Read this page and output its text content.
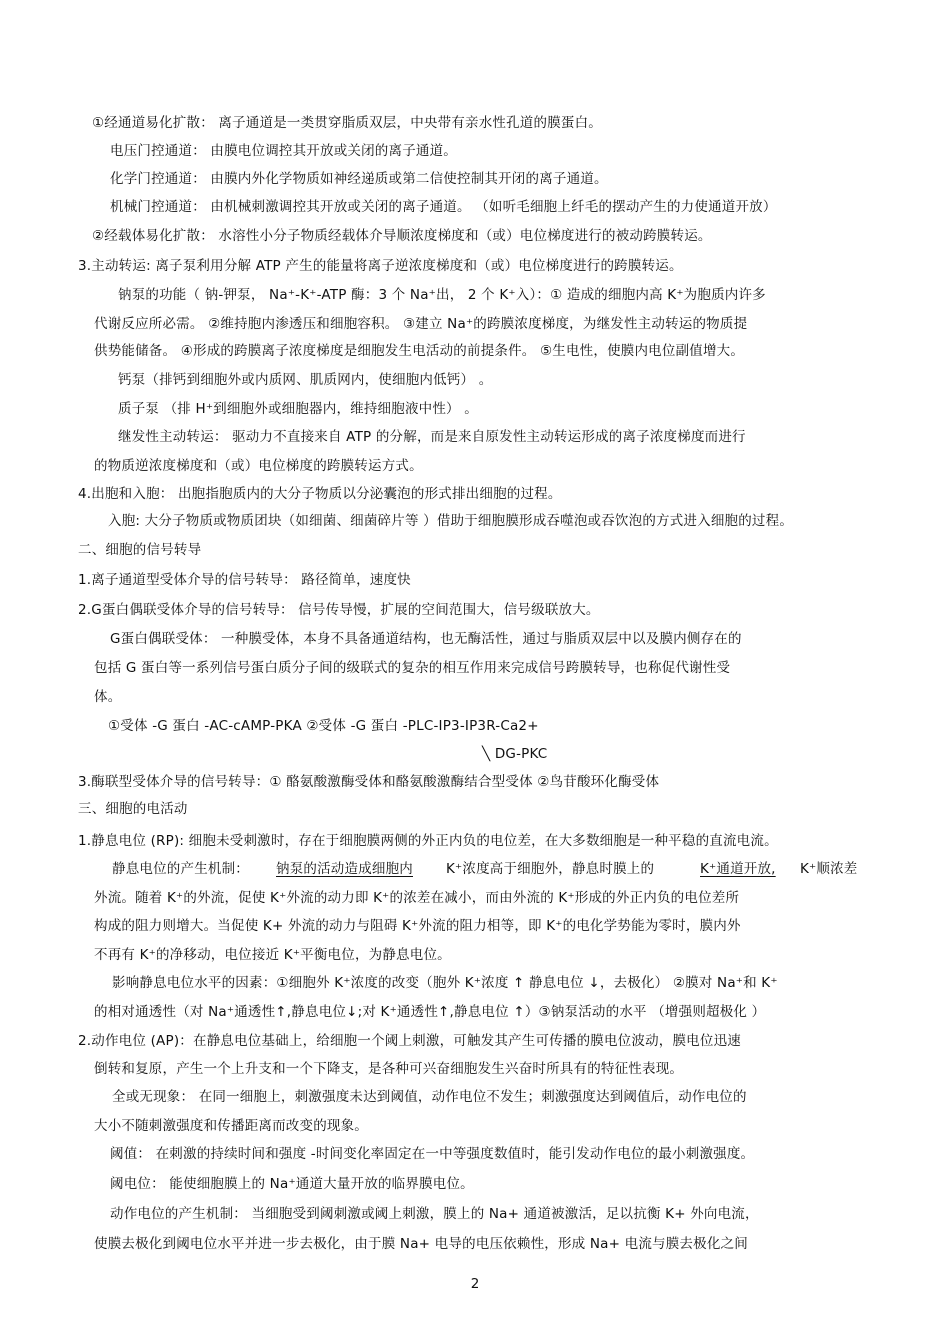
①经通道易化扩散： 离子通道是一类贯穿脂质双层，中央带有亲水性孔道的膜蛋白。
电压门控通道： 由膜电位调控其开放或关闭的离子通道。
化学门控通道： 由膜内外化学物质如神经递质或第二信使控制其开闭的离子通道。
机械门控通道： 由机械刺激调控其开放或关闭的离子通道。 （如听毛细胞上纤毛的摆动产生的力使通道开放）
②经载体易化扩散： 水溶性小分子物质经载体介导顺浓度梯度和（或）电位梯度进行的被动跨膜转运。
3.主动转运: 离子泵利用分解 ATP 产生的能量将离子逆浓度梯度和（或）电位梯度进行的跨膜转运。
钠泵的功能（ 钠-钾泵， Na⁺-K⁺-ATP 酶：3 个 Na⁺出， 2 个 K⁺入）：① 造成的细胞内高 K⁺为胞质内许多
代谢反应所必需。 ②维持胞内渗透压和细胞容积。 ③建立 Na⁺的跨膜浓度梯度，为继发性主动转运的物质提
供势能储备。 ④形成的跨膜离子浓度梯度是细胞发生电活动的前提条件。 ⑤生电性，使膜内电位副值增大。
钙泵（排钙到细胞外或内质网、肌质网内，使细胞内低钙） 。
质子泵 （排 H⁺到细胞外或细胞器内，维持细胞液中性） 。
继发性主动转运： 驱动力不直接来自 ATP 的分解，而是来自原发性主动转运形成的离子浓度梯度而进行
的物质逆浓度梯度和（或）电位梯度的跨膜转运方式。
4.出胞和入胞： 出胞指胞质内的大分子物质以分泌囊泡的形式排出细胞的过程。
入胞: 大分子物质或物质团块（如细菌、细菌碎片等 ）借助于细胞膜形成吞噬泡或吞饮泡的方式进入细胞的过程。
二、细胞的信号转导
1.离子通道型受体介导的信号转导： 路径简单，速度快
2.G蛋白偶联受体介导的信号转导： 信号传导慢，扩展的空间范围大，信号级联放大。
G蛋白偶联受体： 一种膜受体，本身不具备通道结构，也无酶活性，通过与脂质双层中以及膜内侧存在的
包括 G 蛋白等一系列信号蛋白质分子间的级联式的复杂的相互作用来完成信号跨膜转导，也称促代谢性受
体。
①受体 -G 蛋白 -AC-cAMP-PKA ②受体 -G 蛋白 -PLC-IP3-IP3R-Ca2+
╲ DG-PKC
3.酶联型受体介导的信号转导：① 酪氨酸激酶受体和酪氨酸激酶结合型受体 ②鸟苷酸环化酶受体
三、细胞的电活动
1.静息电位 (RP): 细胞未受刺激时，存在于细胞膜两侧的外正内负的电位差，在大多数细胞是一种平稳的直流电流。
静息电位的产生机制： 钠泵的活动造成细胞内 K⁺浓度高于细胞外，静息时膜上的	K⁺通道开放, K⁺顺浓差
外流。随着 K⁺的外流，促使 K⁺外流的动力即 K⁺的浓差在减小，而由外流的 K⁺形成的外正内负的电位差所
构成的阻力则增大。当促使 K+ 外流的动力与阻碍 K⁺外流的阻力相等，即 K⁺的电化学势能为零时，膜内外
不再有 K⁺的净移动，电位接近 K⁺平衡电位，为静息电位。
影响静息电位水平的因素：①细胞外 K⁺浓度的改变（胞外 K⁺浓度 ↑ 静息电位 ↓，去极化） ②膜对 Na⁺和 K⁺
的相对通透性（对 Na⁺通透性↑,静息电位↓;对 K⁺通透性↑,静息电位 ↑）③钠泵活动的水平 （增强则超极化 ）
2.动作电位 (AP)：在静息电位基础上，给细胞一个阈上刺激，可触发其产生可传播的膜电位波动，膜电位迅速
倒转和复原，产生一个上升支和一个下降支，是各种可兴奋细胞发生兴奋时所具有的特征性表现。
全或无现象： 在同一细胞上，刺激强度未达到阈值，动作电位不发生；刺激强度达到阈值后，动作电位的
大小不随刺激强度和传播距离而改变的现象。
阈值： 在刺激的持续时间和强度 -时间变化率固定在一中等强度数值时，能引发动作电位的最小刺激强度。
阈电位： 能使细胞膜上的 Na⁺通道大量开放的临界膜电位。
动作电位的产生机制： 当细胞受到阈刺激或阈上刺激，膜上的 Na+ 通道被激活，足以抗衡 K+ 外向电流，
使膜去极化到阈电位水平并进一步去极化，由于膜 Na+ 电导的电压依赖性，形成 Na+ 电流与膜去极化之间
2
